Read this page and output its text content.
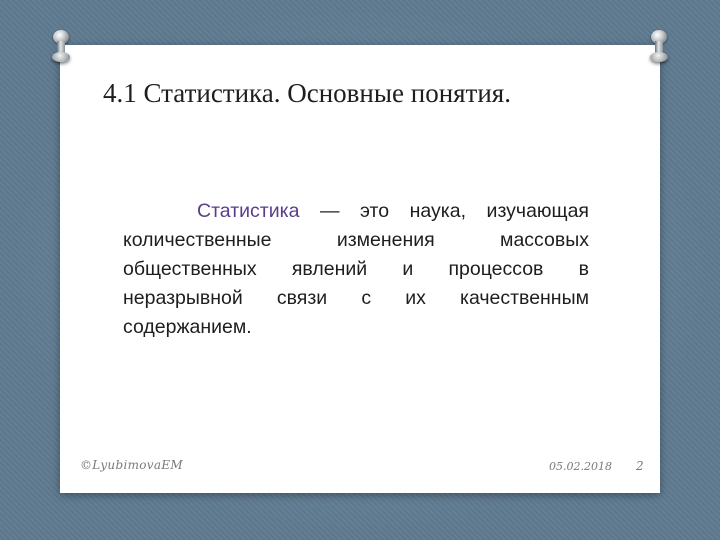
4.1 Статистика. Основные понятия.

Статистика — это наука, изучающая количественные изменения массовых общественных явлений и процессов в неразрывной связи с их качественным содержанием.

©LyubimovaEM	05.02.2018 2
